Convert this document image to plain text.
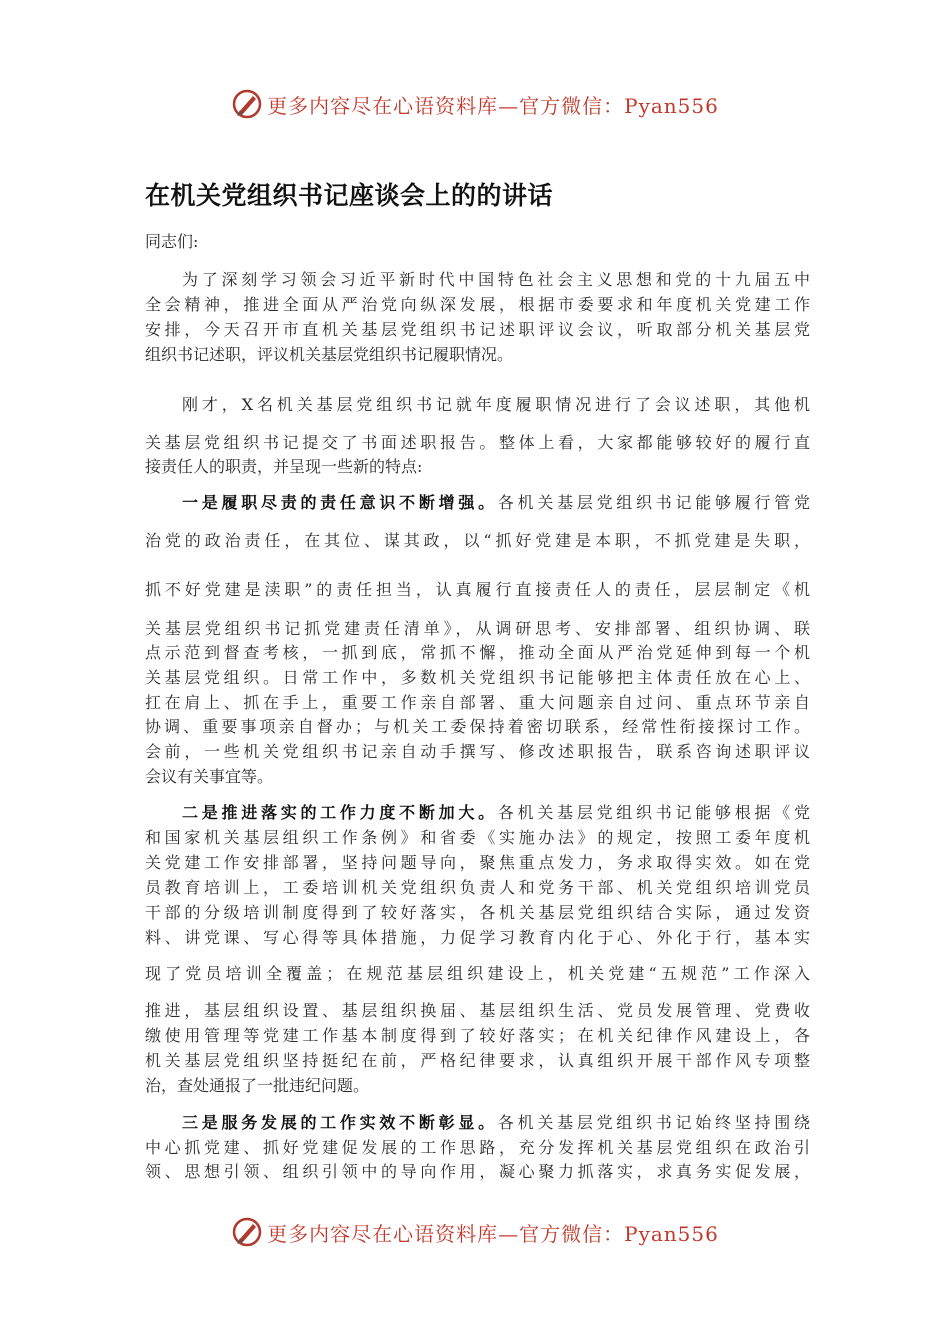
更多内容尽在心语资料库—官方微信：Pyan556
在机关党组织书记座谈会上的的讲话
同志们:
为了深刻学习领会习近平新时代中国特色社会主义思想和党的十九届五中
全会精神，推进全面从严治党向纵深发展，根据市委要求和年度机关党建工作
安排，今天召开市直机关基层党组织书记述职评议会议，听取部分机关基层党
组织书记述职，评议机关基层党组织书记履职情况。
刚才，X名机关基层党组织书记就年度履职情况进行了会议述职，其他机
关基层党组织书记提交了书面述职报告。整体上看，大家都能够较好的履行直
接责任人的职责，并呈现一些新的特点:
一是履职尽责的责任意识不断增强。各机关基层党组织书记能够履行管党
治党的政治责任，在其位、谋其政，以“抓好党建是本职，不抓党建是失职，
抓不好党建是渎职”的责任担当，认真履行直接责任人的责任，层层制定《机
关基层党组织书记抓党建责任清单》，从调研思考、安排部署、组织协调、联
点示范到督查考核，一抓到底，常抓不懈，推动全面从严治党延伸到每一个机
关基层党组织。日常工作中，多数机关党组织书记能够把主体责任放在心上、
扛在肩上、抓在手上，重要工作亲自部署、重大问题亲自过问、重点环节亲自
协调、重要事项亲自督办；与机关工委保持着密切联系，经常性衔接探讨工作。
会前，一些机关党组织书记亲自动手撰写、修改述职报告，联系咨询述职评议
会议有关事宜等。
二是推进落实的工作力度不断加大。各机关基层党组织书记能够根据《党
和国家机关基层组织工作条例》和省委《实施办法》的规定，按照工委年度机
关党建工作安排部署，坚持问题导向，聚焦重点发力，务求取得实效。如在党
员教育培训上，工委培训机关党组织负责人和党务干部、机关党组织培训党员
干部的分级培训制度得到了较好落实，各机关基层党组织结合实际，通过发资
料、讲党课、写心得等具体措施，力促学习教育内化于心、外化于行，基本实
现了党员培训全覆盖；在规范基层组织建设上，机关党建“五规范”工作深入
推进，基层组织设置、基层组织换届、基层组织生活、党员发展管理、党费收
缴使用管理等党建工作基本制度得到了较好落实；在机关纪律作风建设上，各
机关基层党组织坚持挺纪在前，严格纪律要求，认真组织开展干部作风专项整
治，查处通报了一批违纪问题。
三是服务发展的工作实效不断彰显。各机关基层党组织书记始终坚持围绕
中心抓党建、抓好党建促发展的工作思路，充分发挥机关基层党组织在政治引
领、思想引领、组织引领中的导向作用，凝心聚力抓落实，求真务实促发展，
更多内容尽在心语资料库—官方微信：Pyan556
